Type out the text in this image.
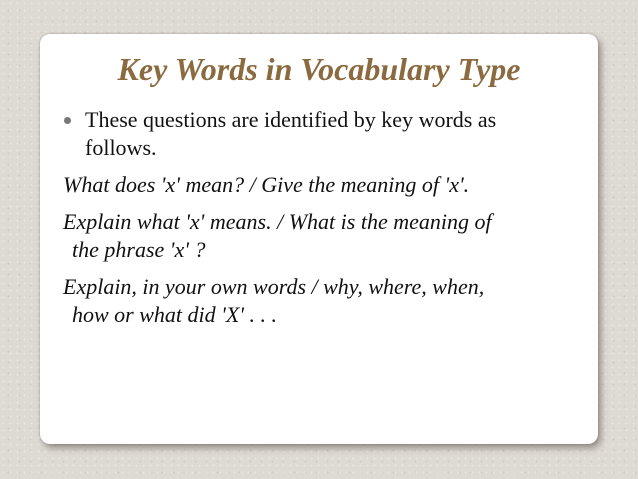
Key Words in Vocabulary Type
These questions are identified by key words as
follows.

What does 'x' mean? / Give the meaning of 'x'.

Explain what 'x' means. / What is the meaning of
the phrase 'x' ?

Explain, in your own words / why, where, when,
how or what did 'X' . . .
